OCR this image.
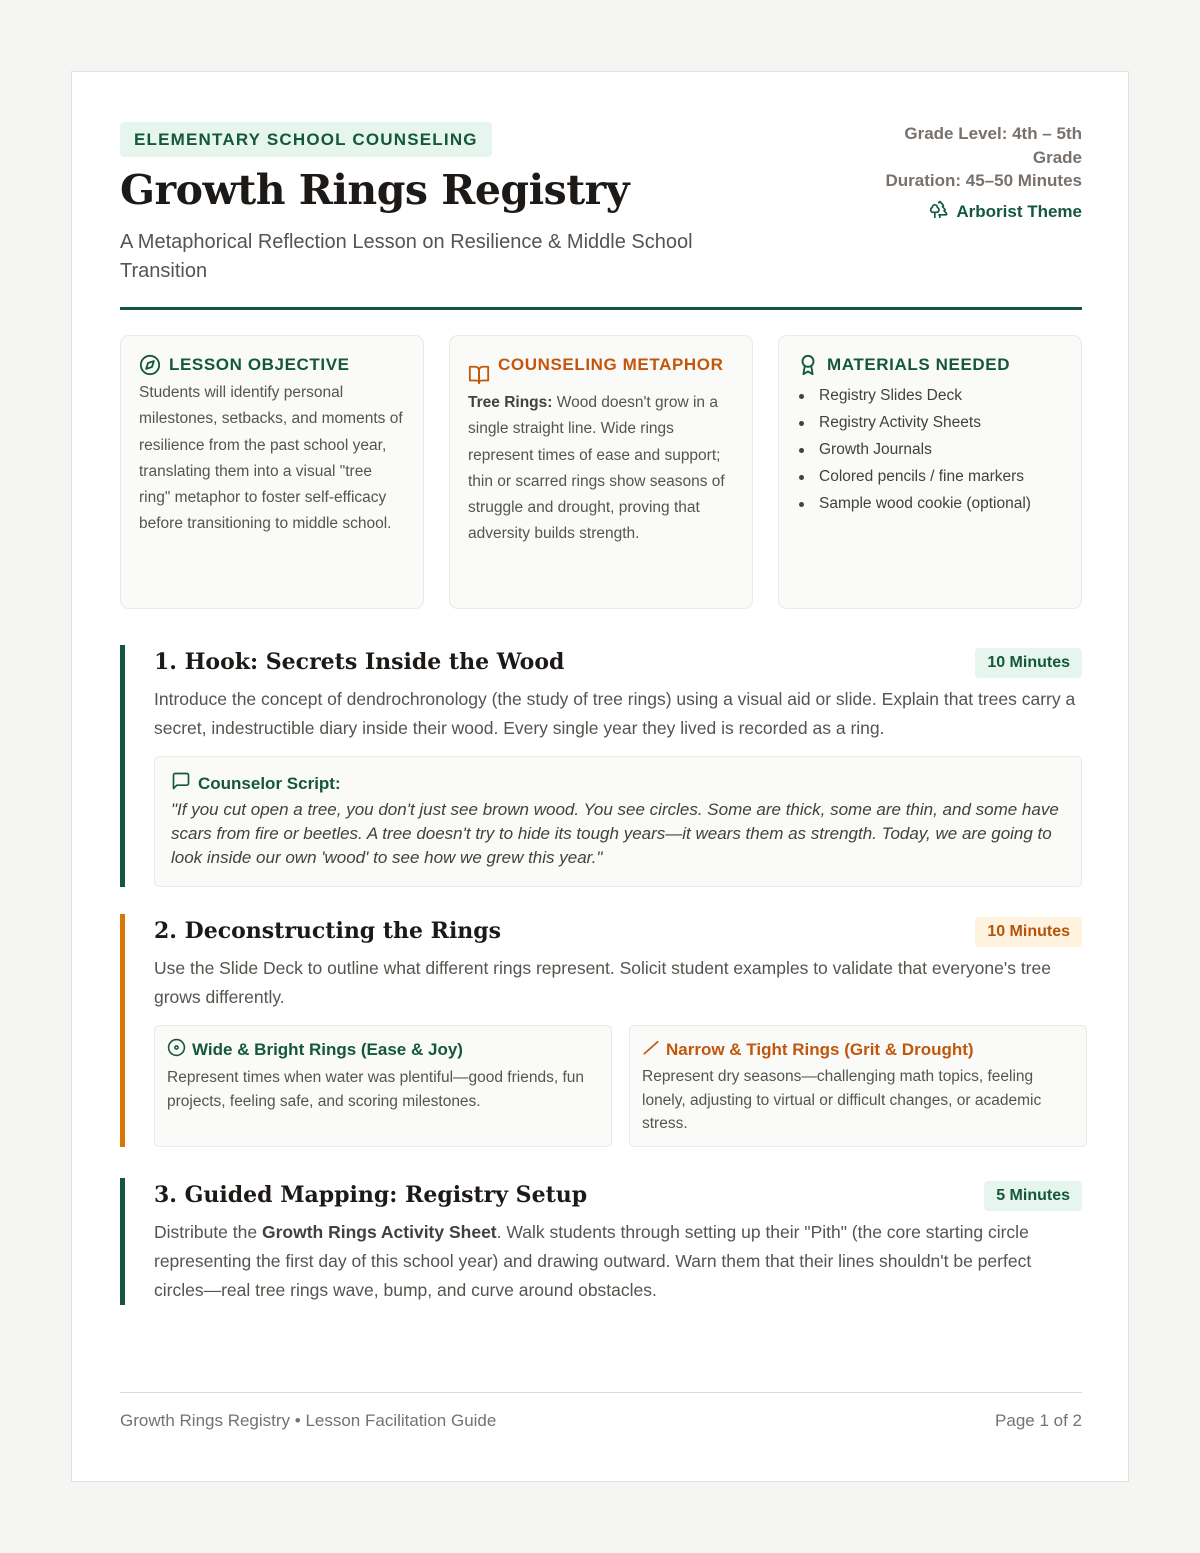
ELEMENTARY SCHOOL COUNSELING
Growth Rings Registry
A Metaphorical Reflection Lesson on Resilience & Middle School Transition
Grade Level: 4th – 5th Grade
Duration: 45–50 Minutes
Arborist Theme
LESSON OBJECTIVE

Students will identify personal milestones, setbacks, and moments of resilience from the past school year, translating them into a visual "tree ring" metaphor to foster self-efficacy before transitioning to middle school.

COUNSELING METAPHOR

Tree Rings: Wood doesn't grow in a single straight line. Wide rings represent times of ease and support; thin or scarred rings show seasons of struggle and drought, proving that adversity builds strength.

MATERIALS NEEDED
Registry Slides Deck
Registry Activity Sheets
Growth Journals
Colored pencils / fine markers
Sample wood cookie (optional)
1. Hook: Secrets Inside the Wood	10 Minutes
Introduce the concept of dendrochronology (the study of tree rings) using a visual aid or slide. Explain that trees carry a secret, indestructible diary inside their wood. Every single year they lived is recorded as a ring.
Counselor Script:
"If you cut open a tree, you don't just see brown wood. You see circles. Some are thick, some are thin, and some have scars from fire or beetles. A tree doesn't try to hide its tough years—it wears them as strength. Today, we are going to look inside our own 'wood' to see how we grew this year."
2. Deconstructing the Rings	10 Minutes
Use the Slide Deck to outline what different rings represent. Solicit student examples to validate that everyone's tree grows differently.
Wide & Bright Rings (Ease & Joy)

Represent times when water was plentiful—good friends, fun projects, feeling safe, and scoring milestones.

Narrow & Tight Rings (Grit & Drought)

Represent dry seasons—challenging math topics, feeling lonely, adjusting to virtual or difficult changes, or academic stress.

3. Guided Mapping: Registry Setup	5 Minutes
Distribute the Growth Rings Activity Sheet. Walk students through setting up their "Pith" (the core starting circle representing the first day of this school year) and drawing outward. Warn them that their lines shouldn't be perfect circles—real tree rings wave, bump, and curve around obstacles.
Growth Rings Registry • Lesson Facilitation Guide	Page 1 of 2
